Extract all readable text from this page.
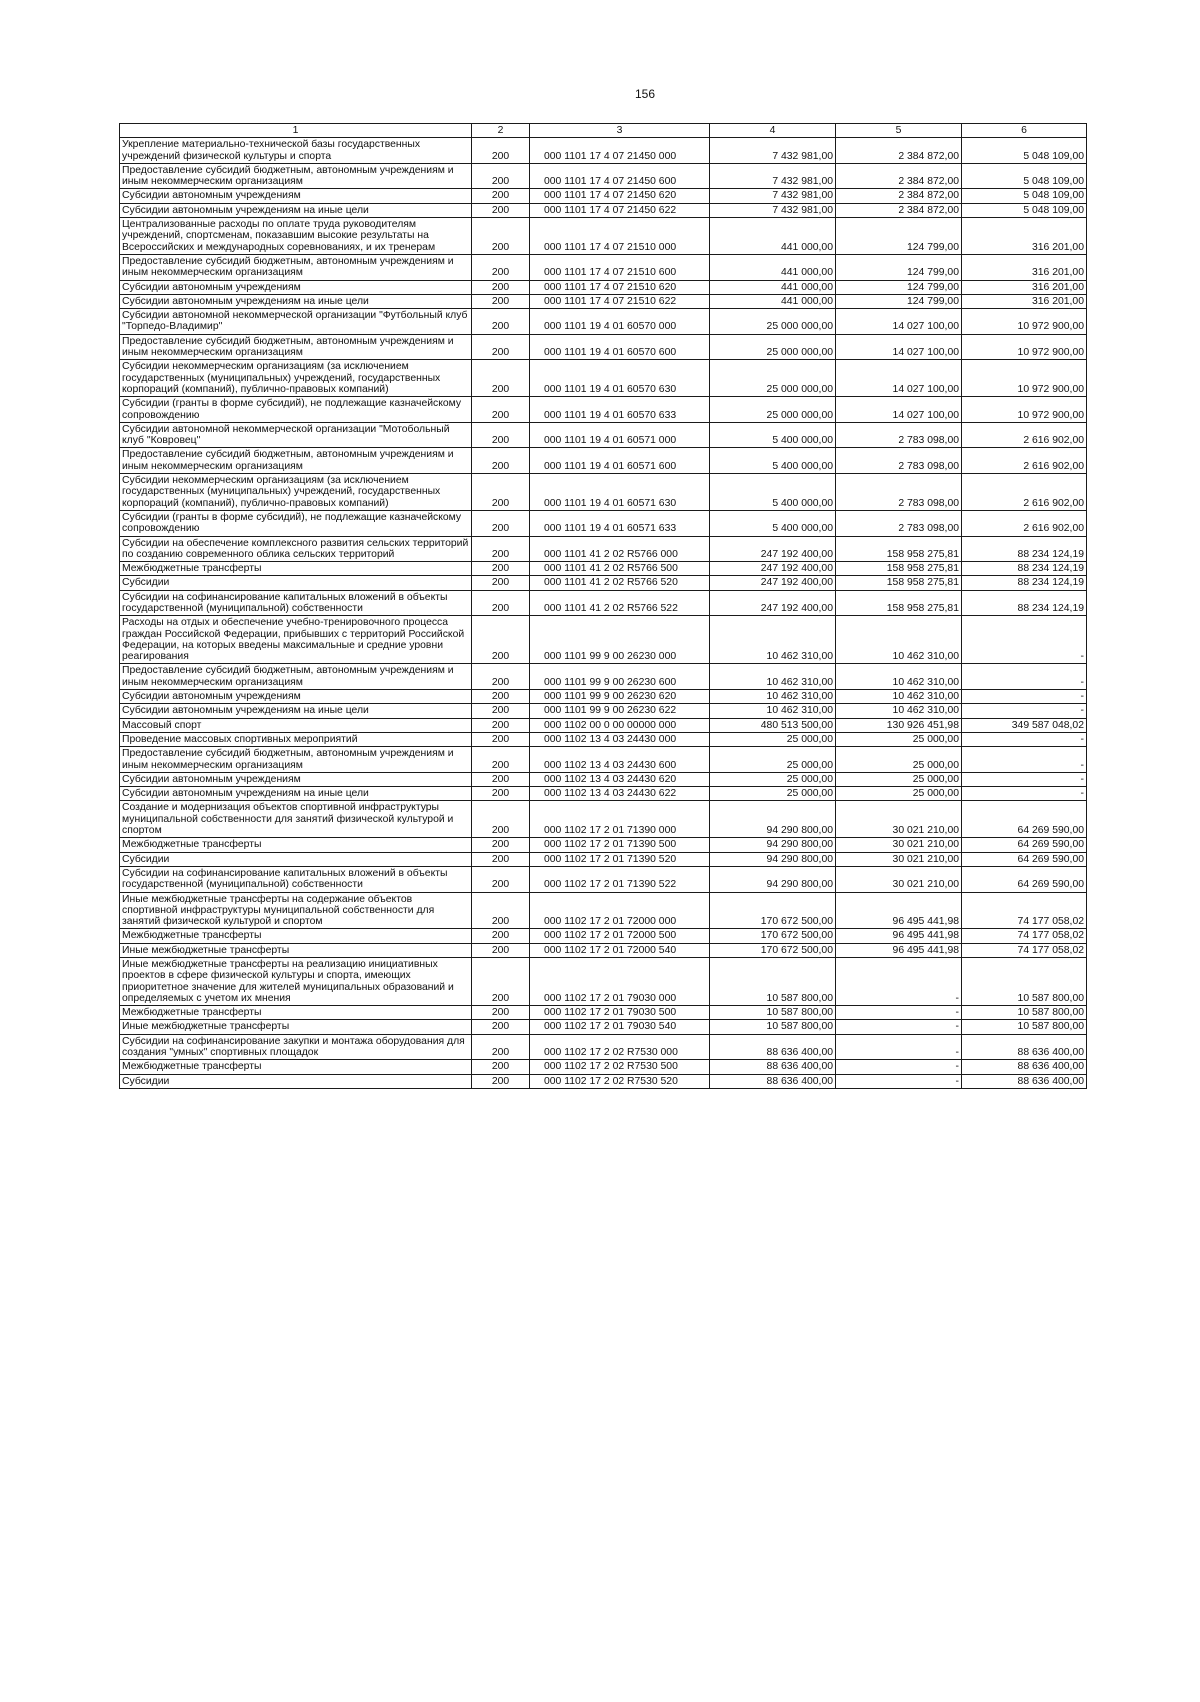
156
1	2	3	4	5	6
Укрепление материально-технической базы государственных учреждений физической культуры и спорта	200	000 1101 17 4 07 21450 000	7 432 981,00	2 384 872,00	5 048 109,00
Предоставление субсидий бюджетным, автономным учреждениям и иным некоммерческим организациям	200	000 1101 17 4 07 21450 600	7 432 981,00	2 384 872,00	5 048 109,00
Субсидии автономным учреждениям	200	000 1101 17 4 07 21450 620	7 432 981,00	2 384 872,00	5 048 109,00
Субсидии автономным учреждениям на иные цели	200	000 1101 17 4 07 21450 622	7 432 981,00	2 384 872,00	5 048 109,00
Централизованные расходы по оплате труда руководителям учреждений, спортсменам, показавшим высокие результаты на Всероссийских и международных соревнованиях, и их тренерам	200	000 1101 17 4 07 21510 000	441 000,00	124 799,00	316 201,00
Предоставление субсидий бюджетным, автономным учреждениям и иным некоммерческим организациям	200	000 1101 17 4 07 21510 600	441 000,00	124 799,00	316 201,00
Субсидии автономным учреждениям	200	000 1101 17 4 07 21510 620	441 000,00	124 799,00	316 201,00
Субсидии автономным учреждениям на иные цели	200	000 1101 17 4 07 21510 622	441 000,00	124 799,00	316 201,00
Субсидии автономной некоммерческой организации "Футбольный клуб "Торпедо-Владимир"	200	000 1101 19 4 01 60570 000	25 000 000,00	14 027 100,00	10 972 900,00
Предоставление субсидий бюджетным, автономным учреждениям и иным некоммерческим организациям	200	000 1101 19 4 01 60570 600	25 000 000,00	14 027 100,00	10 972 900,00
Субсидии некоммерческим организациям (за исключением государственных (муниципальных) учреждений, государственных корпораций (компаний), публично-правовых компаний)	200	000 1101 19 4 01 60570 630	25 000 000,00	14 027 100,00	10 972 900,00
Субсидии (гранты в форме субсидий), не подлежащие казначейскому сопровождению	200	000 1101 19 4 01 60570 633	25 000 000,00	14 027 100,00	10 972 900,00
Субсидии автономной некоммерческой организации "Мотобольный клуб "Ковровец"	200	000 1101 19 4 01 60571 000	5 400 000,00	2 783 098,00	2 616 902,00
Предоставление субсидий бюджетным, автономным учреждениям и иным некоммерческим организациям	200	000 1101 19 4 01 60571 600	5 400 000,00	2 783 098,00	2 616 902,00
Субсидии некоммерческим организациям (за исключением государственных (муниципальных) учреждений, государственных корпораций (компаний), публично-правовых компаний)	200	000 1101 19 4 01 60571 630	5 400 000,00	2 783 098,00	2 616 902,00
Субсидии (гранты в форме субсидий), не подлежащие казначейскому сопровождению	200	000 1101 19 4 01 60571 633	5 400 000,00	2 783 098,00	2 616 902,00
Субсидии на обеспечение комплексного развития сельских территорий по созданию современного облика сельских территорий	200	000 1101 41 2 02 R5766 000	247 192 400,00	158 958 275,81	88 234 124,19
Межбюджетные трансферты	200	000 1101 41 2 02 R5766 500	247 192 400,00	158 958 275,81	88 234 124,19
Субсидии	200	000 1101 41 2 02 R5766 520	247 192 400,00	158 958 275,81	88 234 124,19
Субсидии на софинансирование капитальных вложений в объекты государственной (муниципальной) собственности	200	000 1101 41 2 02 R5766 522	247 192 400,00	158 958 275,81	88 234 124,19
Расходы на отдых и обеспечение учебно-тренировочного процесса граждан Российской Федерации, прибывших с территорий Российской Федерации, на которых введены максимальные и средние уровни реагирования	200	000 1101 99 9 00 26230 000	10 462 310,00	10 462 310,00	-
Предоставление субсидий бюджетным, автономным учреждениям и иным некоммерческим организациям	200	000 1101 99 9 00 26230 600	10 462 310,00	10 462 310,00	-
Субсидии автономным учреждениям	200	000 1101 99 9 00 26230 620	10 462 310,00	10 462 310,00	-
Субсидии автономным учреждениям на иные цели	200	000 1101 99 9 00 26230 622	10 462 310,00	10 462 310,00	-
Массовый спорт	200	000 1102 00 0 00 00000 000	480 513 500,00	130 926 451,98	349 587 048,02
Проведение массовых спортивных мероприятий	200	000 1102 13 4 03 24430 000	25 000,00	25 000,00	-
Предоставление субсидий бюджетным, автономным учреждениям и иным некоммерческим организациям	200	000 1102 13 4 03 24430 600	25 000,00	25 000,00	-
Субсидии автономным учреждениям	200	000 1102 13 4 03 24430 620	25 000,00	25 000,00	-
Субсидии автономным учреждениям на иные цели	200	000 1102 13 4 03 24430 622	25 000,00	25 000,00	-
Создание и модернизация объектов спортивной инфраструктуры муниципальной собственности для занятий физической культурой и спортом	200	000 1102 17 2 01 71390 000	94 290 800,00	30 021 210,00	64 269 590,00
Межбюджетные трансферты	200	000 1102 17 2 01 71390 500	94 290 800,00	30 021 210,00	64 269 590,00
Субсидии	200	000 1102 17 2 01 71390 520	94 290 800,00	30 021 210,00	64 269 590,00
Субсидии на софинансирование капитальных вложений в объекты государственной (муниципальной) собственности	200	000 1102 17 2 01 71390 522	94 290 800,00	30 021 210,00	64 269 590,00
Иные межбюджетные трансферты на содержание объектов спортивной инфраструктуры муниципальной собственности для занятий физической культурой и спортом	200	000 1102 17 2 01 72000 000	170 672 500,00	96 495 441,98	74 177 058,02
Межбюджетные трансферты	200	000 1102 17 2 01 72000 500	170 672 500,00	96 495 441,98	74 177 058,02
Иные межбюджетные трансферты	200	000 1102 17 2 01 72000 540	170 672 500,00	96 495 441,98	74 177 058,02
Иные межбюджетные трансферты на реализацию инициативных проектов в сфере физической культуры и спорта, имеющих приоритетное значение для жителей муниципальных образований и определяемых с учетом их мнения	200	000 1102 17 2 01 79030 000	10 587 800,00	-	10 587 800,00
Межбюджетные трансферты	200	000 1102 17 2 01 79030 500	10 587 800,00	-	10 587 800,00
Иные межбюджетные трансферты	200	000 1102 17 2 01 79030 540	10 587 800,00	-	10 587 800,00
Субсидии на софинансирование закупки и монтажа оборудования для создания "умных" спортивных площадок	200	000 1102 17 2 02 R7530 000	88 636 400,00	-	88 636 400,00
Межбюджетные трансферты	200	000 1102 17 2 02 R7530 500	88 636 400,00	-	88 636 400,00
Субсидии	200	000 1102 17 2 02 R7530 520	88 636 400,00	-	88 636 400,00
